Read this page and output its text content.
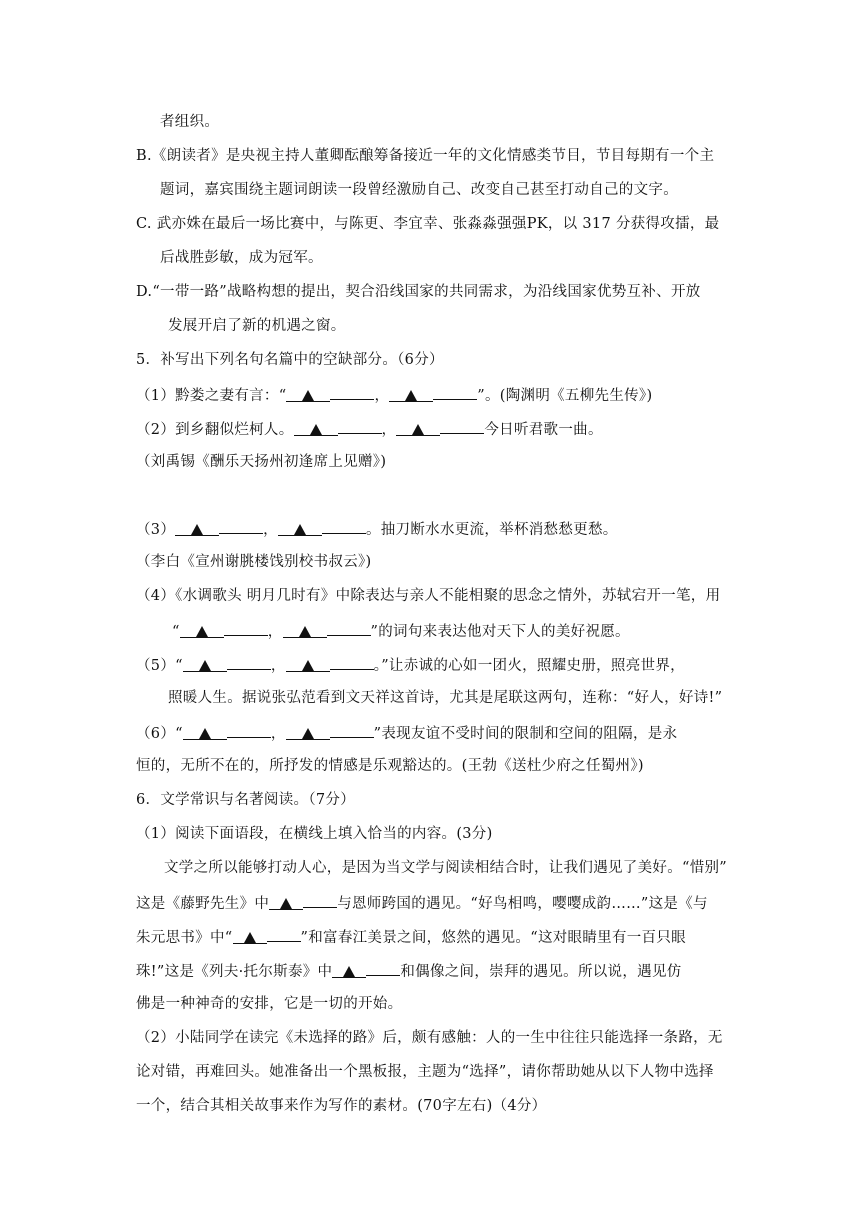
者组织。
B.《朗读者》是央视主持人董卿酝酿筹备接近一年的文化情感类节目，节目每期有一个主
题词，嘉宾围绕主题词朗读一段曾经激励自己、改变自己甚至打动自己的文字。
C. 武亦姝在最后一场比赛中，与陈更、李宜幸、张淼淼强强PK，以 317 分获得攻擂，最
后战胜彭敏，成为冠军。
D.“一带一路”战略构想的提出，契合沿线国家的共同需求，为沿线国家优势互补、开放
发展开启了新的机遇之窗。
5．补写出下列名句名篇中的空缺部分。（6分）
（1）黔娄之妻有言：“	，	”。(陶渊明《五柳先生传》)
（2）到乡翻似烂柯人。	，	今日听君歌一曲。
（刘禹锡《酬乐天扬州初逢席上见赠》)
（3）	，	。抽刀断水水更流，举杯消愁愁更愁。
（李白《宣州谢朓楼饯别校书叔云》)
（4）《水调歌头 明月几时有》中除表达与亲人不能相聚的思念之情外，苏轼宕开一笔，用
“	，	”的词句来表达他对天下人的美好祝愿。
（5）“	，	。”让赤诚的心如一团火，照耀史册，照亮世界，
照暖人生。据说张弘范看到文天祥这首诗，尤其是尾联这两句，连称：“好人，好诗!”
（6）“	，	”表现友谊不受时间的限制和空间的阻隔，是永
恒的，无所不在的，所抒发的情感是乐观豁达的。(王勃《送杜少府之任蜀州》)
6．文学常识与名著阅读。（7分）
（1）阅读下面语段，在横线上填入恰当的内容。(3分)
文学之所以能够打动人心，是因为当文学与阅读相结合时，让我们遇见了美好。“惜别”
这是《藤野先生》中	与恩师跨国的遇见。“好鸟相鸣，嘤嘤成韵……”这是《与
朱元思书》中“	”和富春江美景之间，悠然的遇见。“这对眼睛里有一百只眼
珠!”这是《列夫·托尔斯泰》中	和偶像之间，崇拜的遇见。所以说，遇见仿
佛是一种神奇的安排，它是一切的开始。
（2）小陆同学在读完《未选择的路》后，颇有感触：人的一生中往往只能选择一条路，无
论对错，再难回头。她准备出一个黑板报，主题为“选择”，请你帮助她从以下人物中选择
一个，结合其相关故事来作为写作的素材。(70字左右)（4分）
